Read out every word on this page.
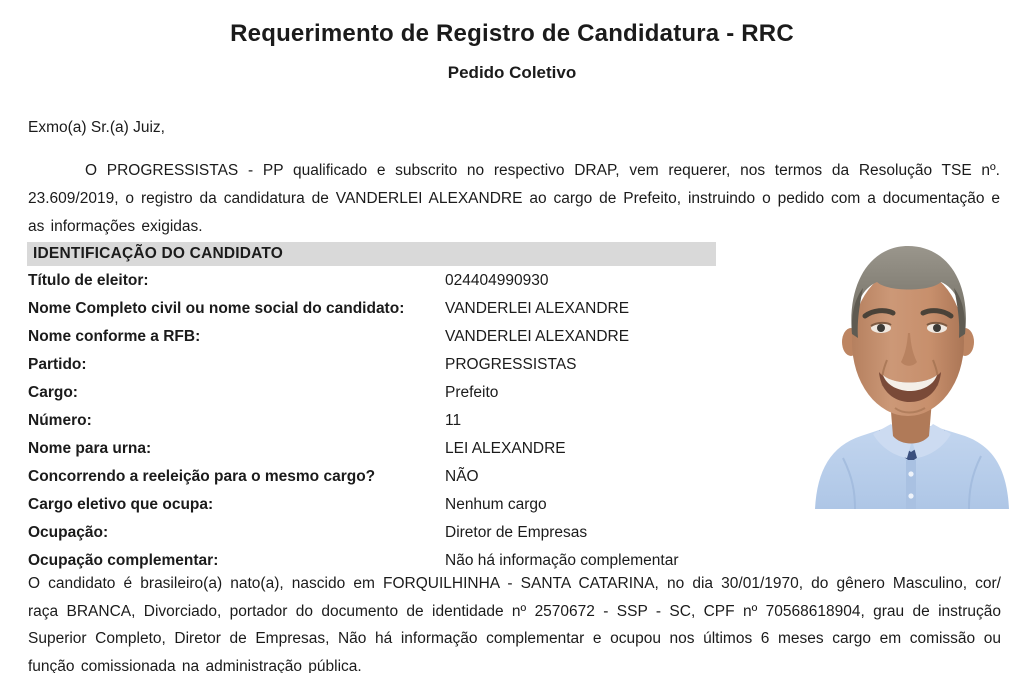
Requerimento de Registro de Candidatura - RRC
Pedido Coletivo
Exmo(a) Sr.(a) Juiz,
O PROGRESSISTAS - PP qualificado e subscrito no respectivo DRAP, vem requerer, nos termos da Resolução TSE nº. 23.609/2019, o registro da candidatura de VANDERLEI ALEXANDRE ao cargo de Prefeito, instruindo o pedido com a documentação e as informações exigidas.
IDENTIFICAÇÃO DO CANDIDATO
Título de eleitor:	024404990930
Nome Completo civil ou nome social do candidato:	VANDERLEI ALEXANDRE
Nome conforme a RFB:	VANDERLEI ALEXANDRE
Partido:	PROGRESSISTAS
Cargo:	Prefeito
Número:	11
Nome para urna:	LEI ALEXANDRE
Concorrendo a reeleição para o mesmo cargo?	NÃO
Cargo eletivo que ocupa:	Nenhum cargo
Ocupação:	Diretor de Empresas
Ocupação complementar:	Não há informação complementar
O candidato é brasileiro(a) nato(a), nascido em FORQUILHINHA - SANTA CATARINA, no dia 30/01/1970, do gênero Masculino, cor/ raça BRANCA, Divorciado, portador do documento de identidade nº 2570672 - SSP - SC, CPF nº 70568618904, grau de instrução Superior Completo, Diretor de Empresas, Não há informação complementar e ocupou nos últimos 6 meses cargo em comissão ou função comissionada na administração pública.
